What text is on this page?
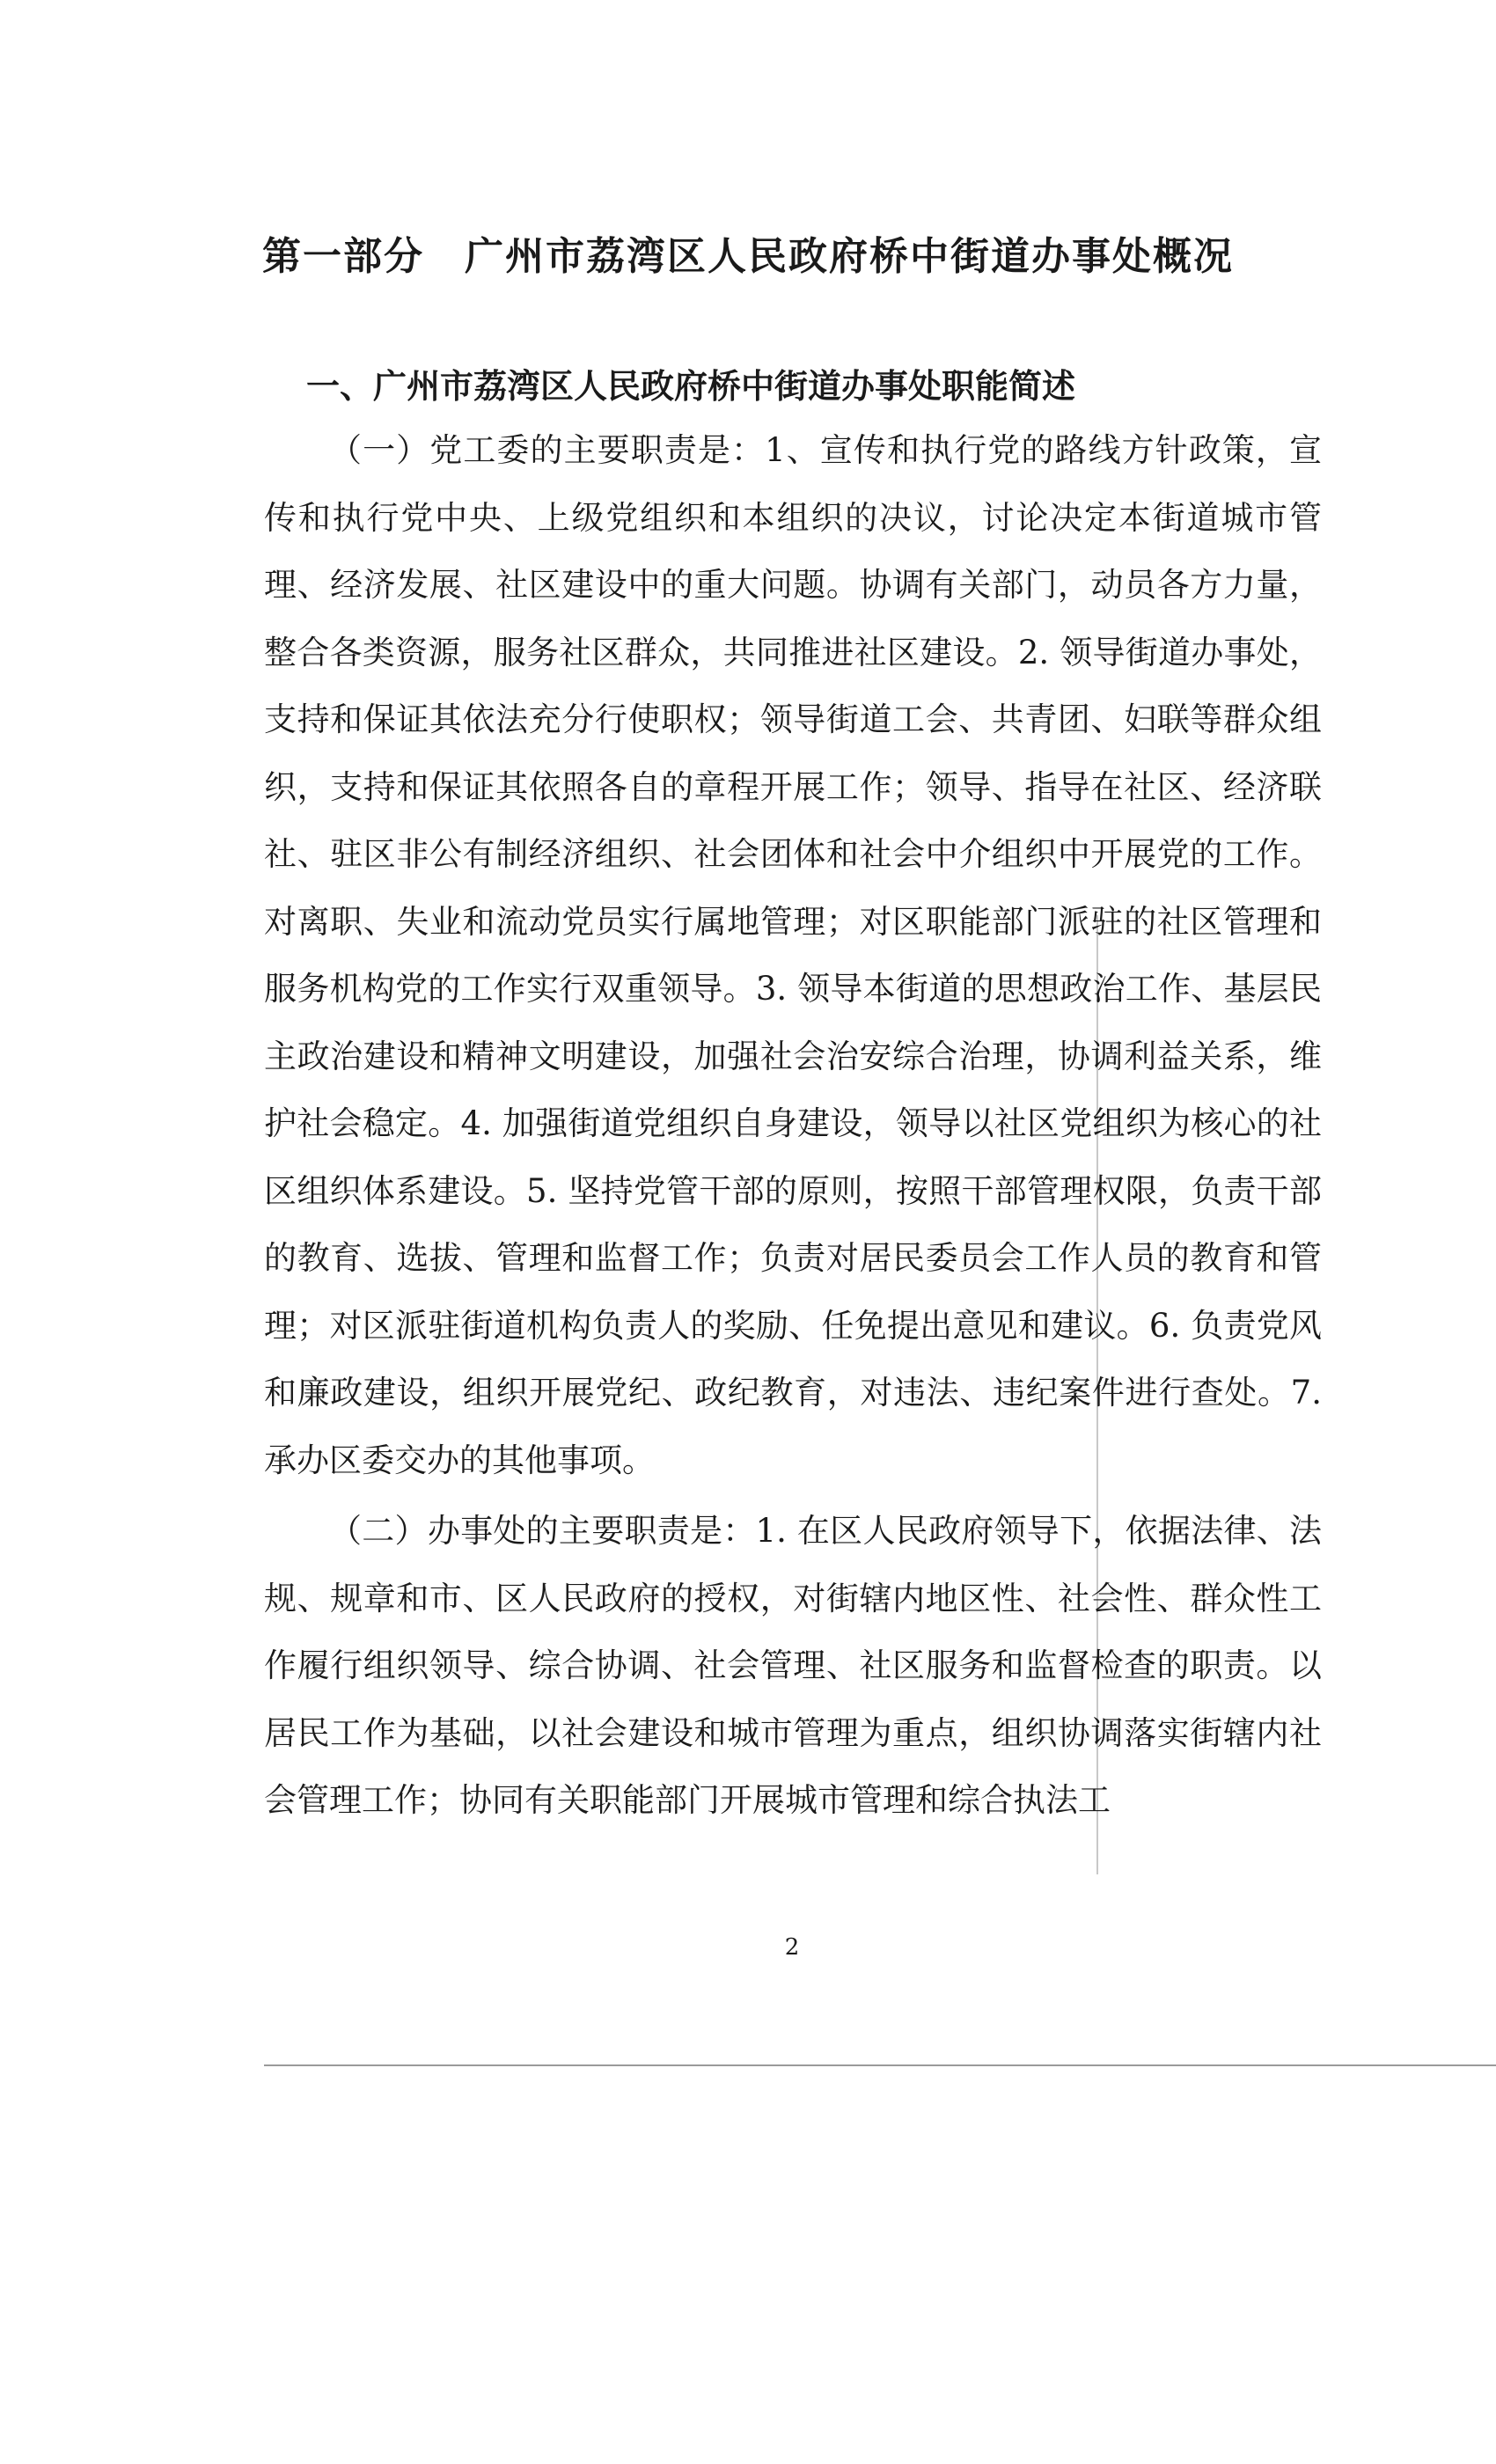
第一部分　广州市荔湾区人民政府桥中街道办事处概况
一、广州市荔湾区人民政府桥中街道办事处职能简述

（一）党工委的主要职责是：1、宣传和执行党的路线方针政策，宣传和执行党中央、上级党组织和本组织的决议，讨论决定本街道城市管理、经济发展、社区建设中的重大问题。协调有关部门，动员各方力量，整合各类资源，服务社区群众，共同推进社区建设。2. 领导街道办事处，支持和保证其依法充分行使职权；领导街道工会、共青团、妇联等群众组织，支持和保证其依照各自的章程开展工作；领导、指导在社区、经济联社、驻区非公有制经济组织、社会团体和社会中介组织中开展党的工作。对离职、失业和流动党员实行属地管理；对区职能部门派驻的社区管理和服务机构党的工作实行双重领导。3. 领导本街道的思想政治工作、基层民主政治建设和精神文明建设，加强社会治安综合治理，协调利益关系，维护社会稳定。4. 加强街道党组织自身建设，领导以社区党组织为核心的社区组织体系建设。5. 坚持党管干部的原则，按照干部管理权限，负责干部的教育、选拔、管理和监督工作；负责对居民委员会工作人员的教育和管理；对区派驻街道机构负责人的奖励、任免提出意见和建议。6. 负责党风和廉政建设，组织开展党纪、政纪教育，对违法、违纪案件进行查处。7. 承办区委交办的其他事项。

（二）办事处的主要职责是：1. 在区人民政府领导下，依据法律、法规、规章和市、区人民政府的授权，对街辖内地区性、社会性、群众性工作履行组织领导、综合协调、社会管理、社区服务和监督检查的职责。以居民工作为基础，以社会建设和城市管理为重点，组织协调落实街辖内社会管理工作；协同有关职能部门开展城市管理和综合执法工

2
